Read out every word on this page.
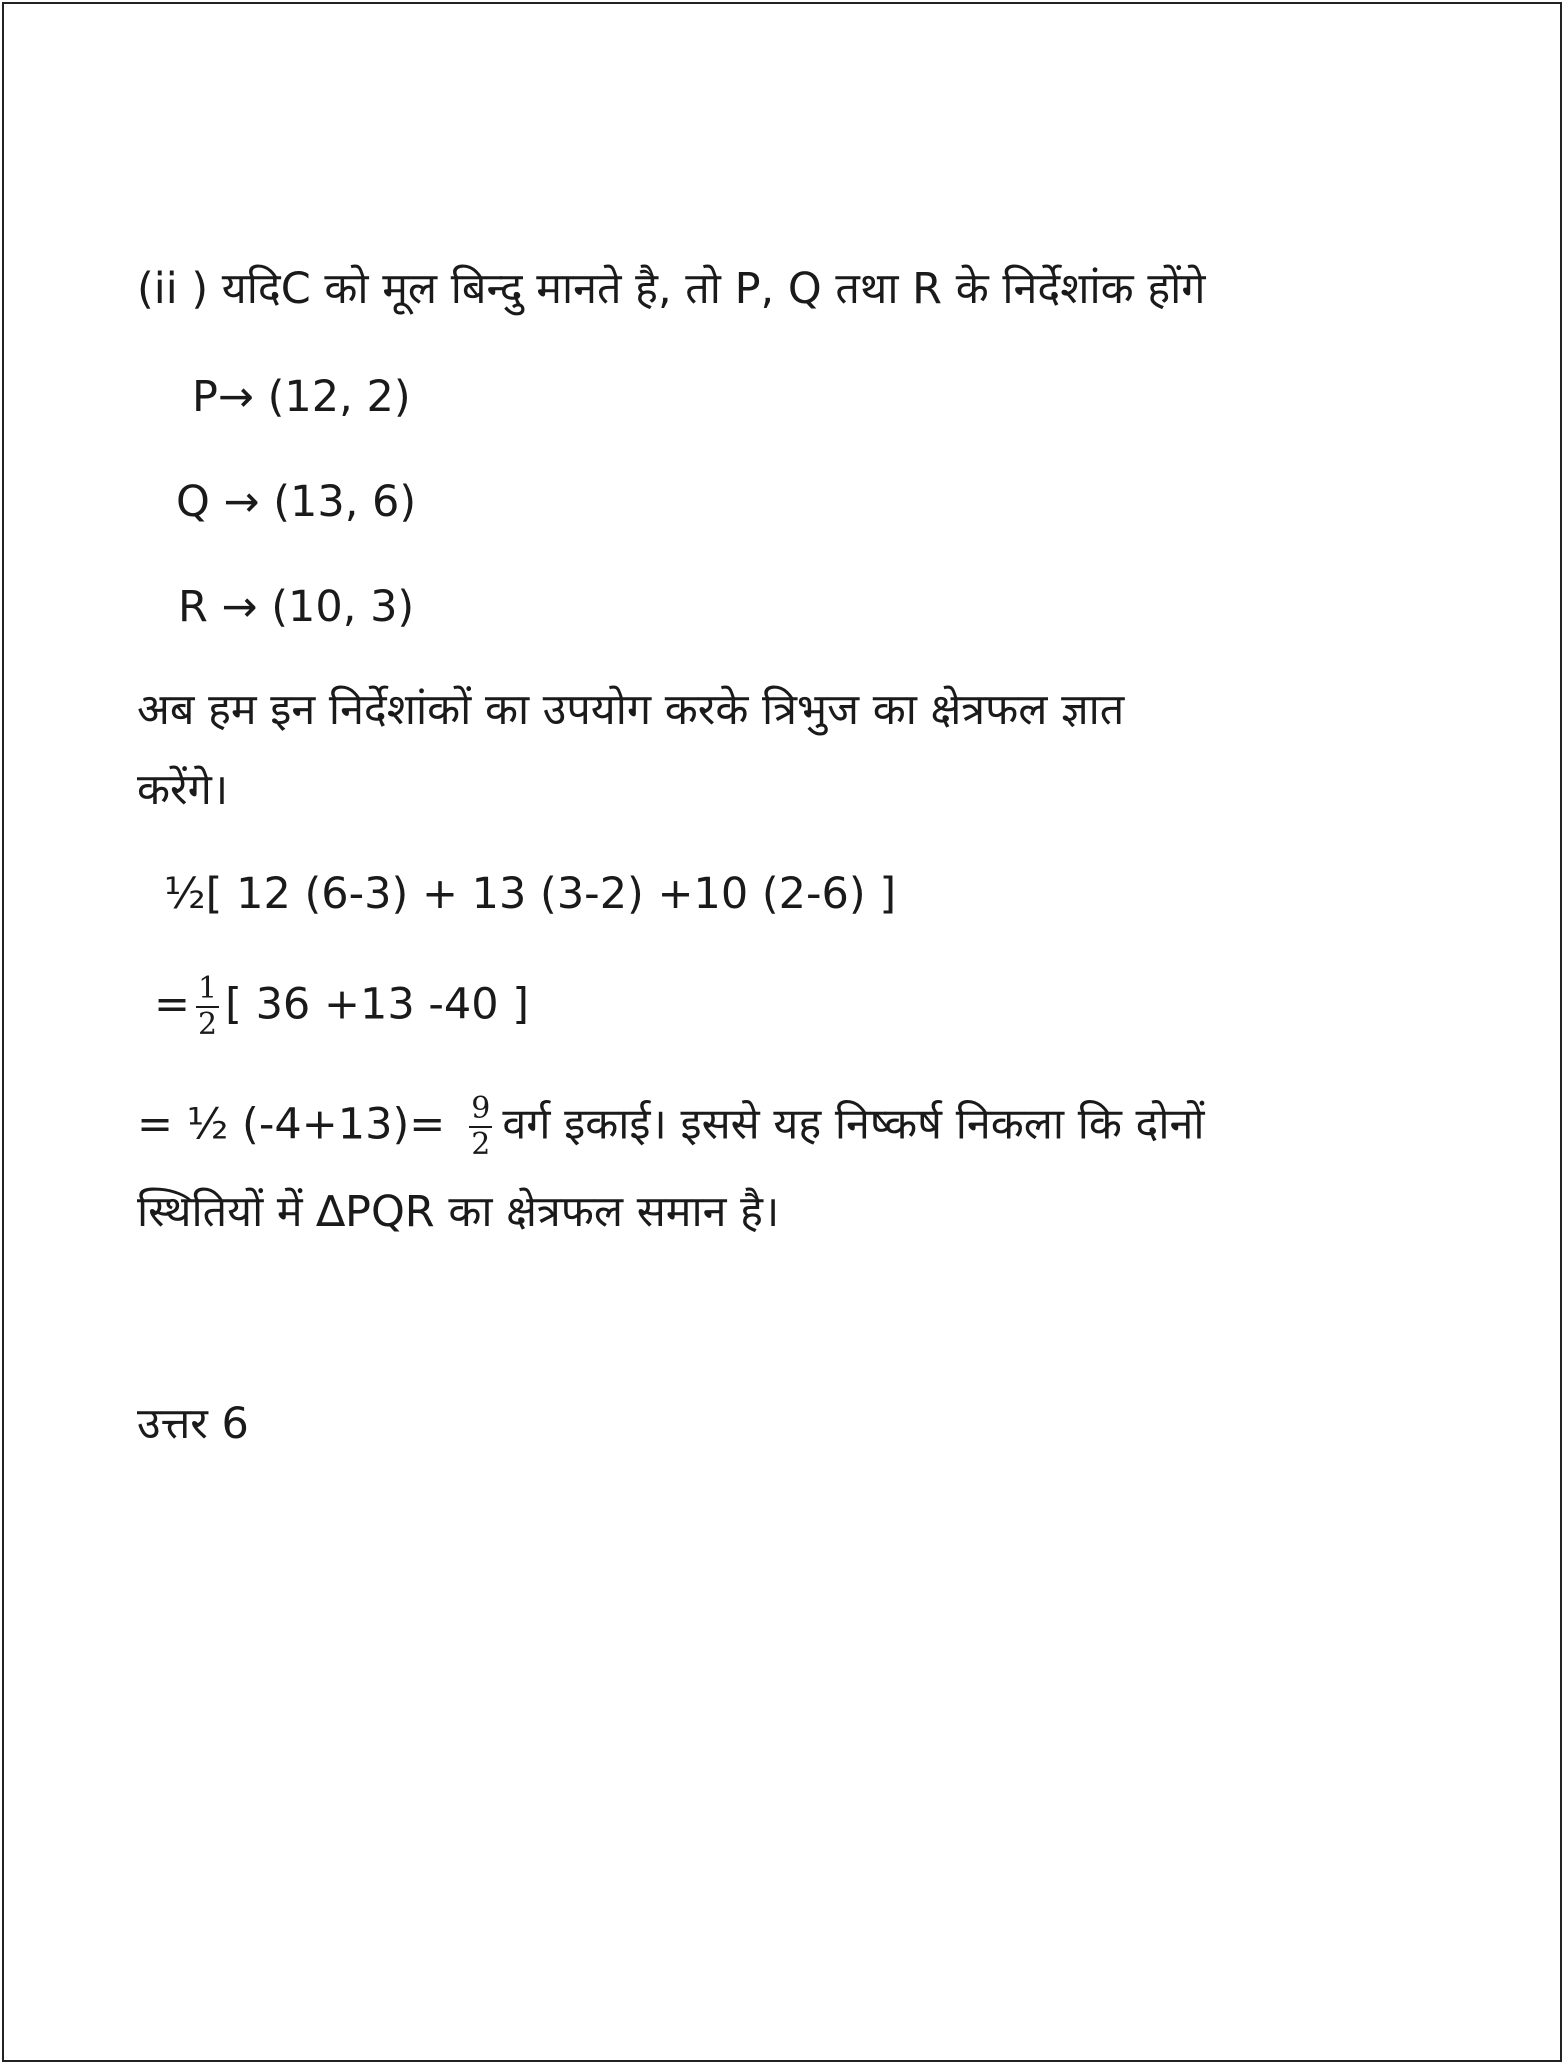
(ii ) यदिC को मूल बिन्दु मानते है, तो P, Q तथा R के निर्देशांक होंगे
P→ (12, 2)
Q → (13, 6)
R → (10, 3)
अब हम इन निर्देशांकों का उपयोग करके त्रिभुज का क्षेत्रफल ज्ञात
करेंगे।
½[ 12 (6-3) + 13 (3-2) +10 (2-6) ]
= $\frac{1}{2}$ [ 36 +13 -40 ]
= ½ $(-4+13)= \frac{9}{2}$ वर्ग इकाई। इससे यह निष्कर्ष निकला कि दोनों
स्थितियों में ∆PQR का क्षेत्रफल समान है।
उत्तर 6
